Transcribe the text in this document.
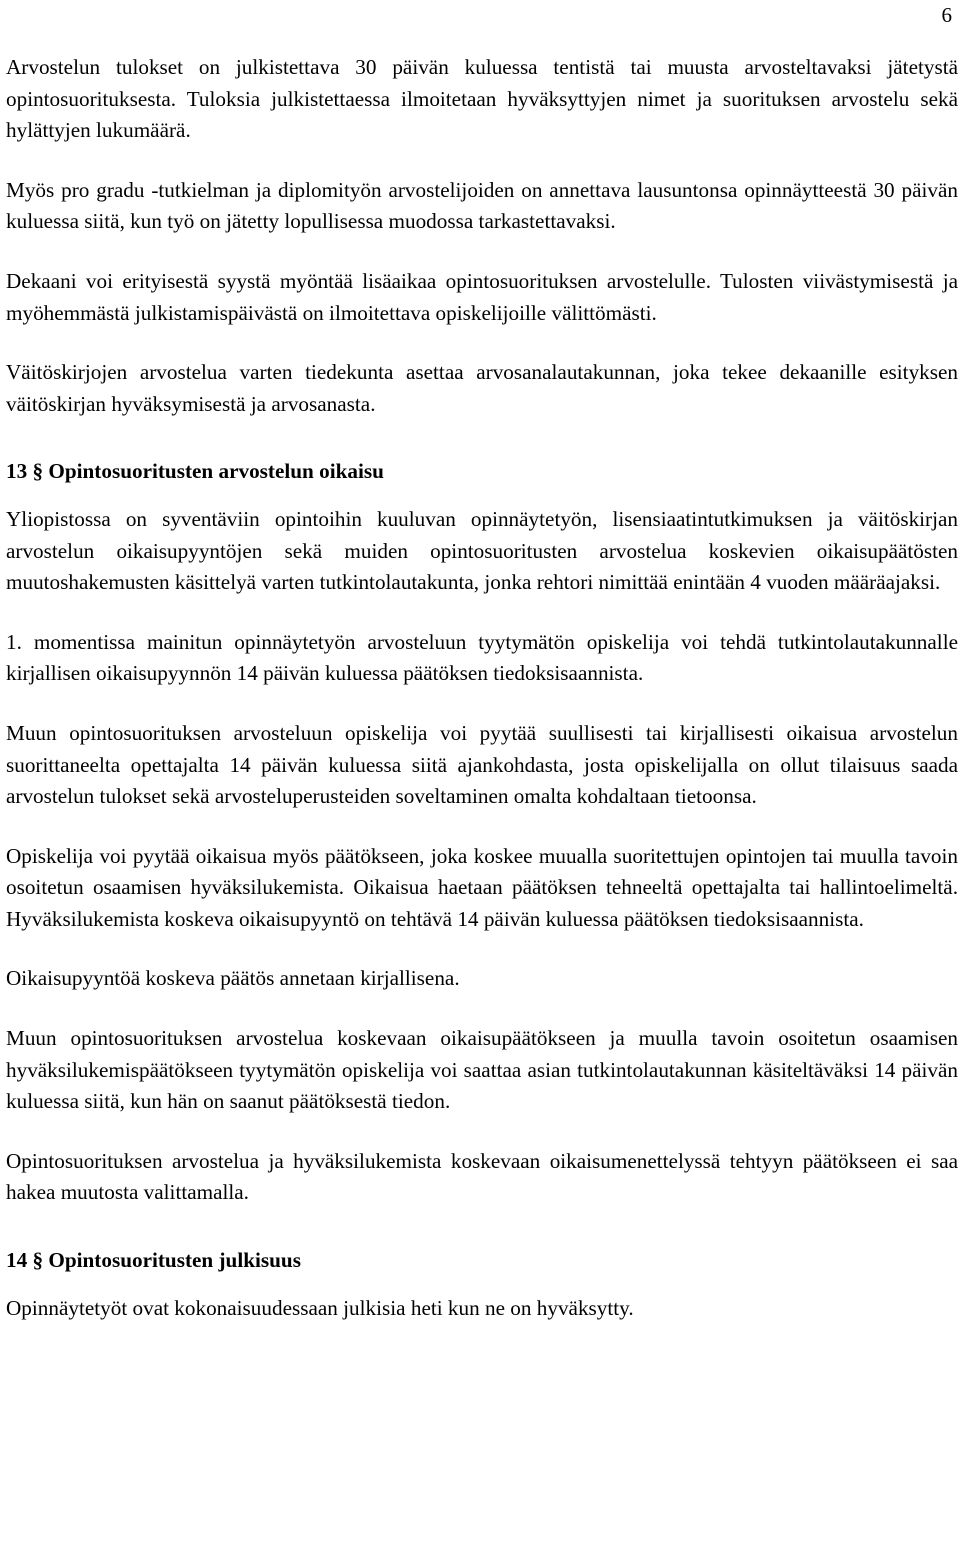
6

Arvostelun tulokset on julkistettava 30 päivän kuluessa tentistä tai muusta arvosteltavaksi jätetystä opintosuorituksesta. Tuloksia julkistettaessa ilmoitetaan hyväksyttyjen nimet ja suorituksen arvostelu sekä hylättyjen lukumäärä.

Myös pro gradu -tutkielman ja diplomityön arvostelijoiden on annettava lausuntonsa opinnäytteestä 30 päivän kuluessa siitä, kun työ on jätetty lopullisessa muodossa tarkastettavaksi.

Dekaani voi erityisestä syystä myöntää lisäaikaa opintosuorituksen arvostelulle. Tulosten viivästymisestä ja myöhemmästä julkistamispäivästä on ilmoitettava opiskelijoille välittömästi.

Väitöskirjojen arvostelua varten tiedekunta asettaa arvosanalautakunnan, joka tekee dekaanille esityksen väitöskirjan hyväksymisestä ja arvosanasta.

13 § Opintosuoritusten arvostelun oikaisu

Yliopistossa on syventäviin opintoihin kuuluvan opinnäytetyön, lisensiaatintutkimuksen ja väitöskirjan arvostelun oikaisupyyntöjen sekä muiden opintosuoritusten arvostelua koskevien oikaisupäätösten muutoshakemusten käsittelyä varten tutkintolautakunta, jonka rehtori nimittää enintään 4 vuoden määräajaksi.

1. momentissa mainitun opinnäytetyön arvosteluun tyytymätön opiskelija voi tehdä tutkintolautakunnalle kirjallisen oikaisupyynnön 14 päivän kuluessa päätöksen tiedoksisaannista.

Muun opintosuorituksen arvosteluun opiskelija voi pyytää suullisesti tai kirjallisesti oikaisua arvostelun suorittaneelta opettajalta 14 päivän kuluessa siitä ajankohdasta, josta opiskelijalla on ollut tilaisuus saada arvostelun tulokset sekä arvosteluperusteiden soveltaminen omalta kohdaltaan tietoonsa.

Opiskelija voi pyytää oikaisua myös päätökseen, joka koskee muualla suoritettujen opintojen tai muulla tavoin osoitetun osaamisen hyväksilukemista. Oikaisua haetaan päätöksen tehneeltä opettajalta tai hallintoelimeltä. Hyväksilukemista koskeva oikaisupyyntö on tehtävä 14 päivän kuluessa päätöksen tiedoksisaannista.

Oikaisupyyntöä koskeva päätös annetaan kirjallisena.

Muun opintosuorituksen arvostelua koskevaan oikaisupäätökseen ja muulla tavoin osoitetun osaamisen hyväksilukemispäätökseen tyytymätön opiskelija voi saattaa asian tutkintolautakunnan käsiteltäväksi 14 päivän kuluessa siitä, kun hän on saanut päätöksestä tiedon.

Opintosuorituksen arvostelua ja hyväksilukemista koskevaan oikaisumenettelyssä tehtyyn päätökseen ei saa hakea muutosta valittamalla.

14 § Opintosuoritusten julkisuus

Opinnäytetyöt ovat kokonaisuudessaan julkisia heti kun ne on hyväksytty.
